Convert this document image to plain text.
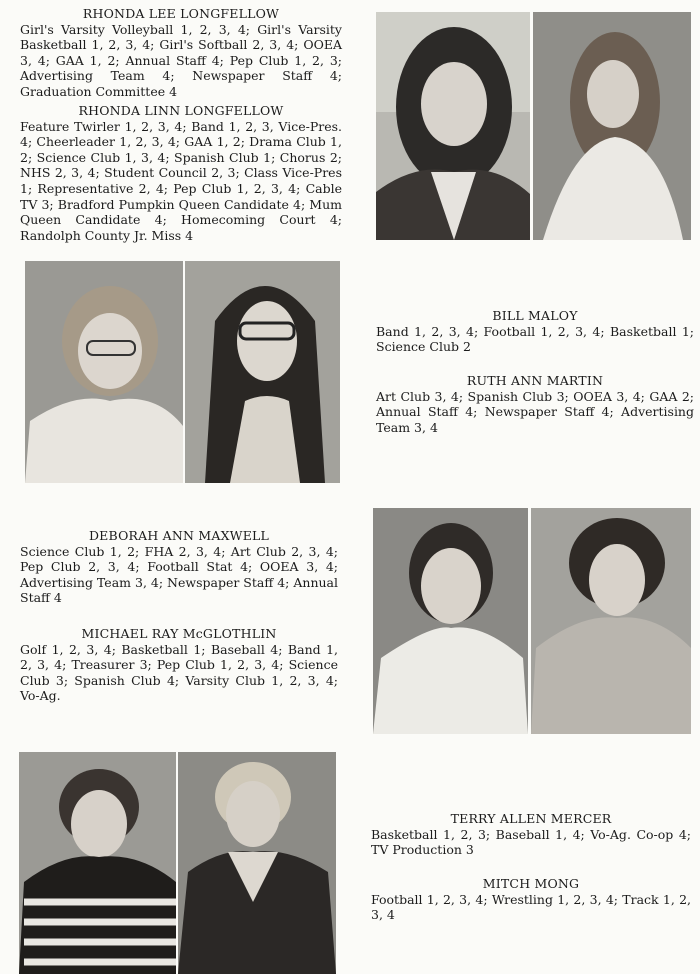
RHONDA LEE LONGFELLOW
Girl's Varsity Volleyball 1, 2, 3, 4; Girl's Varsity Basketball 1, 2, 3, 4; Girl's Softball 2, 3, 4; OOEA 3, 4; GAA 1, 2; Annual Staff 4; Pep Club 1, 2, 3; Advertising Team 4; Newspaper Staff 4; Graduation Committee 4
RHONDA LINN LONGFELLOW
Feature Twirler 1, 2, 3, 4; Band 1, 2, 3, Vice-Pres. 4; Cheerleader 1, 2, 3, 4; GAA 1, 2; Drama Club 1, 2; Science Club 1, 3, 4; Spanish Club 1; Chorus 2; NHS 2, 3, 4; Student Council 2, 3; Class Vice-Pres 1; Representative 2, 4; Pep Club 1, 2, 3, 4; Cable TV 3; Bradford Pumpkin Queen Candidate 4; Mum Queen Candidate 4; Homecoming Court 4; Randolph County Jr. Miss 4
BILL MALOY
Band 1, 2, 3, 4; Football 1, 2, 3, 4; Basketball 1; Science Club 2
RUTH ANN MARTIN
Art Club 3, 4; Spanish Club 3; OOEA 3, 4; GAA 2; Annual Staff 4; Newspaper Staff 4; Advertising Team 3, 4
DEBORAH ANN MAXWELL
Science Club 1, 2; FHA 2, 3, 4; Art Club 2, 3, 4; Pep Club 2, 3, 4; Football Stat 4; OOEA 3, 4; Advertising Team 3, 4; Newspaper Staff 4; Annual Staff 4
MICHAEL RAY McGLOTHLIN
Golf 1, 2, 3, 4; Basketball 1; Baseball 4; Band 1, 2, 3, 4; Treasurer 3; Pep Club 1, 2, 3, 4; Science Club 3; Spanish Club 4; Varsity Club 1, 2, 3, 4; Vo-Ag.
TERRY ALLEN MERCER
Basketball 1, 2, 3; Baseball 1, 4; Vo-Ag. Co-op 4; TV Production 3
MITCH MONG
Football 1, 2, 3, 4; Wrestling 1, 2, 3, 4; Track 1, 2, 3, 4
